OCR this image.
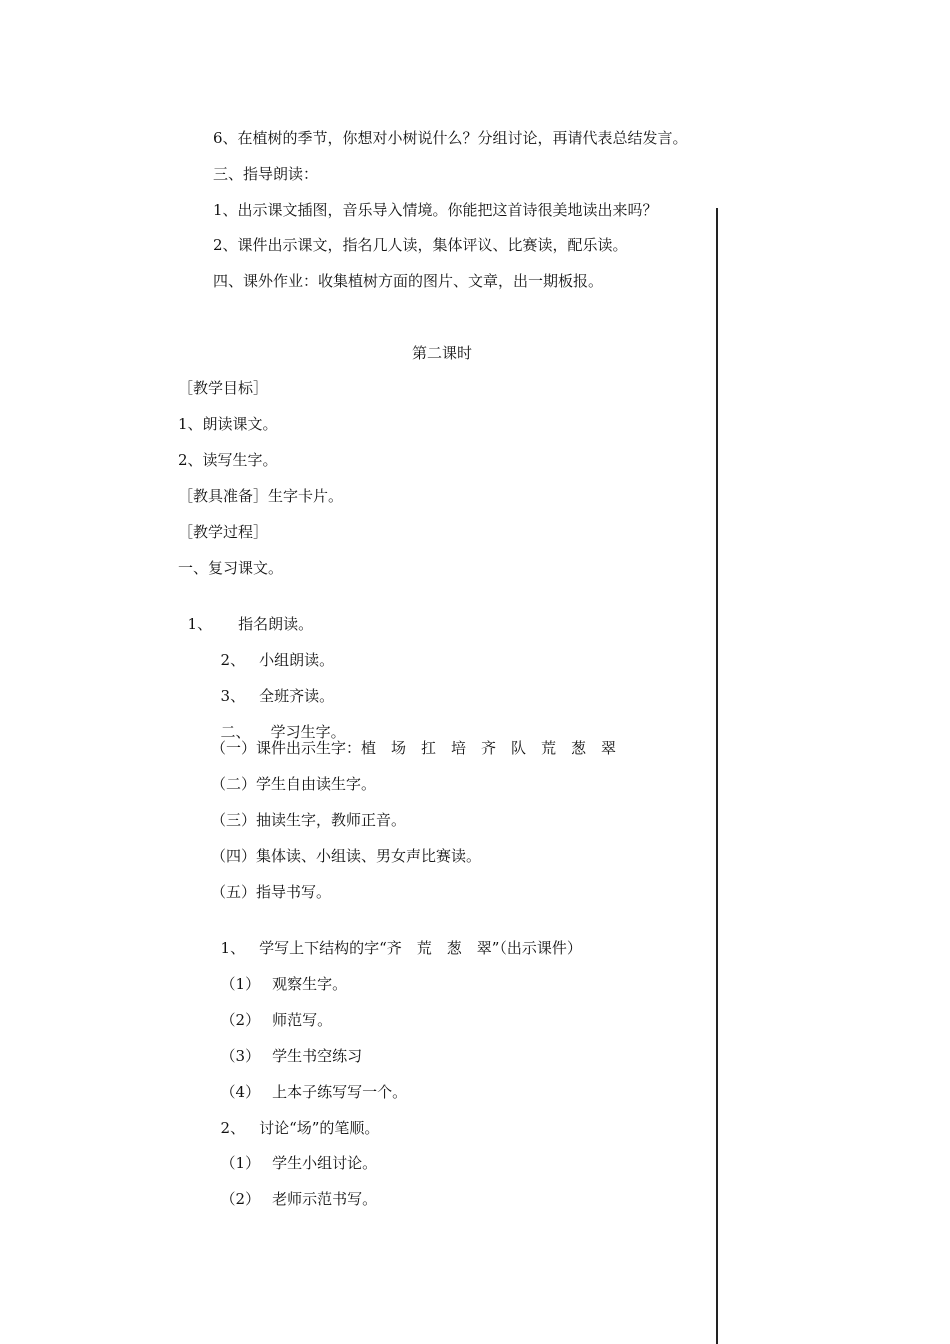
6、在植树的季节，你想对小树说什么？分组讨论，再请代表总结发言。
三、指导朗读：
1、出示课文插图，音乐导入情境。你能把这首诗很美地读出来吗？
2、课件出示课文，指名几人读，集体评议、比赛读，配乐读。
四、课外作业：收集植树方面的图片、文章，出一期板报。
第二课时
［教学目标］
1、朗读课文。
2、读写生字。
［教具准备］生字卡片。
［教学过程］
一、复习课文。

1、 指名朗读。

2、 小组朗读。

3、 全班齐读。

二、 学习生字。

（一）课件出示生字：植　场　扛　培　齐　队　荒　葱　翠
（二）学生自由读生字。
（三）抽读生字，教师正音。
（四）集体读、小组读、男女声比赛读。
（五）指导书写。

1、 学写上下结构的字“齐　荒　葱　翠”（出示课件）

（1） 观察生字。

（2） 师范写。

（3） 学生书空练习

（4） 上本子练写写一个。

2、 讨论“场”的笔顺。

（1） 学生小组讨论。

（2） 老师示范书写。
